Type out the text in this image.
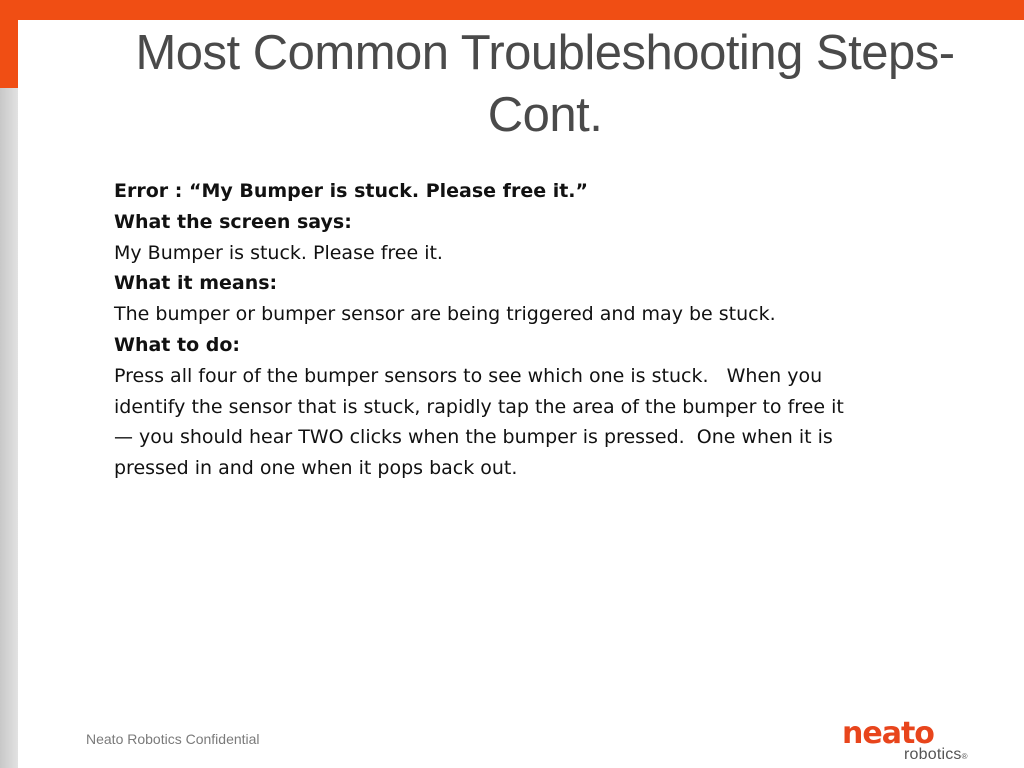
Most Common Troubleshooting Steps-
Cont.

Error : “My Bumper is stuck. Please free it.”

What the screen says:

My Bumper is stuck. Please free it.

What it means:

The bumper or bumper sensor are being triggered and may be stuck.

What to do:

Press all four of the bumper sensors to see which one is stuck.   When you

identify the sensor that is stuck, rapidly tap the area of the bumper to free it

— you should hear TWO clicks when the bumper is pressed.  One when it is

pressed in and one when it pops back out.

Neato Robotics Confidential	neato
robotics®
